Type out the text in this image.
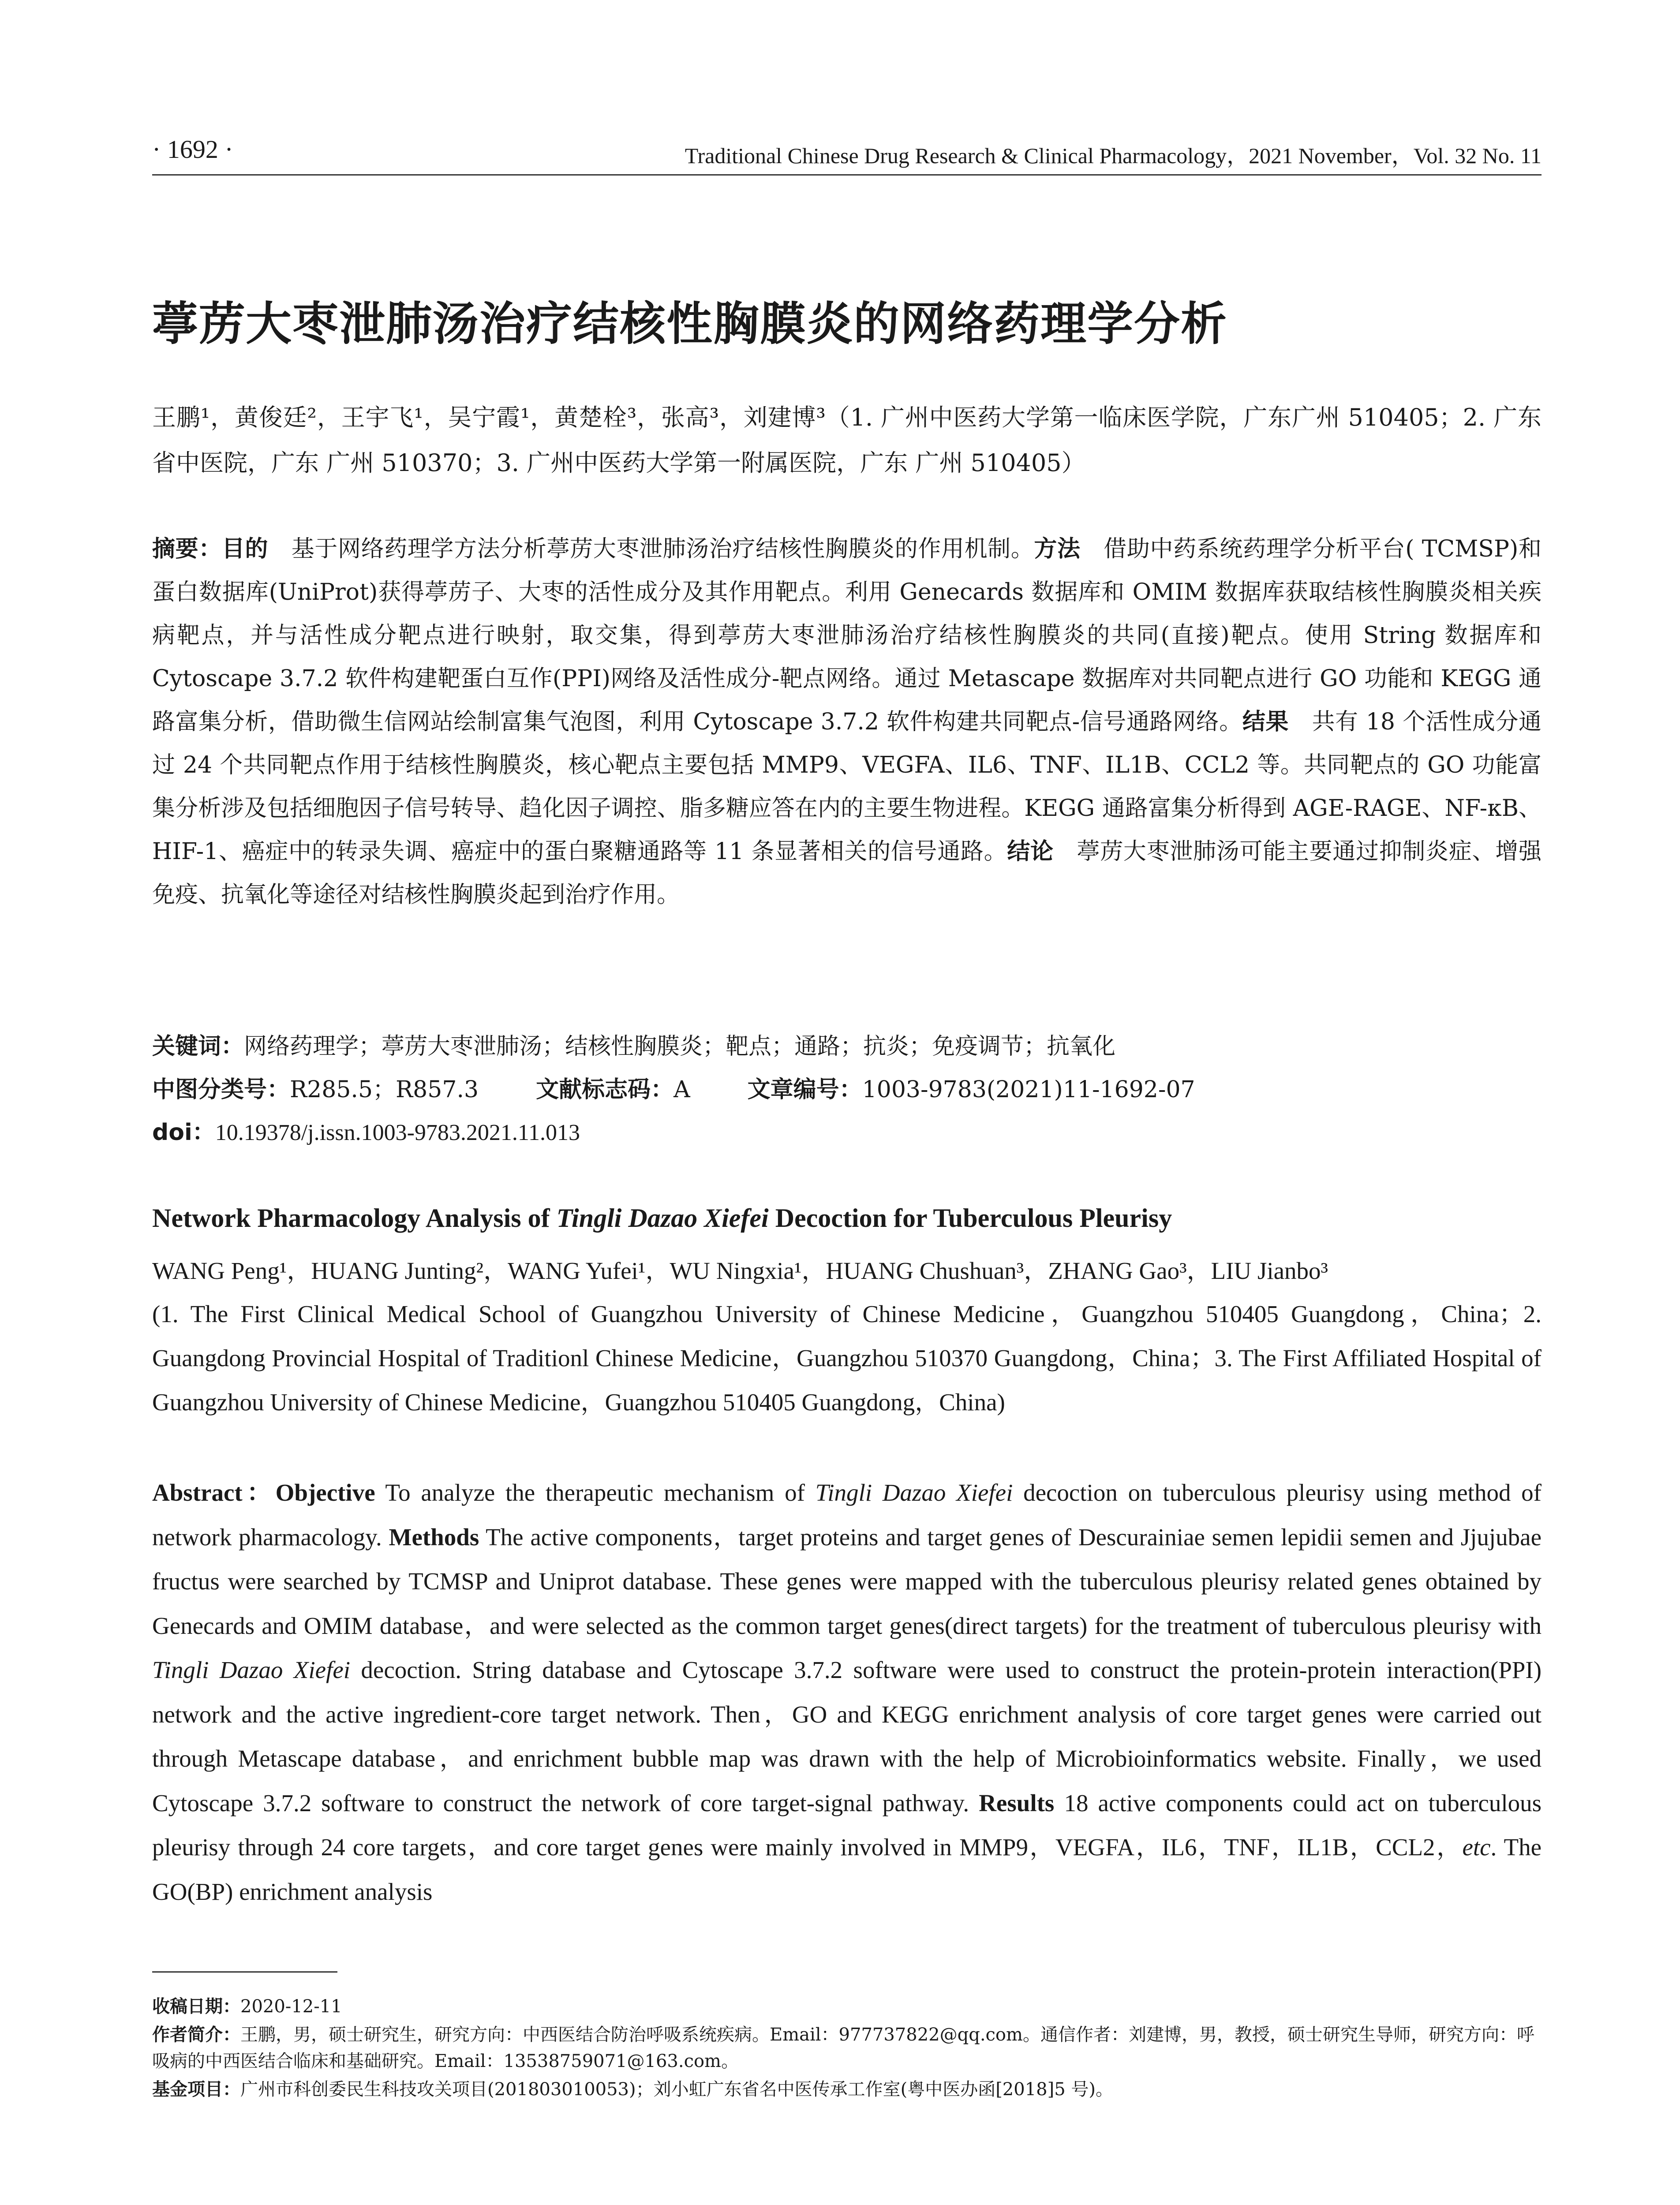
· 1692 ·	Traditional Chinese Drug Research & Clinical Pharmacology，2021 November，Vol. 32 No. 11
葶苈大枣泄肺汤治疗结核性胸膜炎的网络药理学分析
王鹏¹，黄俊廷²，王宇飞¹，吴宁霞¹，黄楚栓³，张高³，刘建博³（1. 广州中医药大学第一临床医学院，广东广州 510405；2. 广东省中医院，广东 广州 510370；3. 广州中医药大学第一附属医院，广东 广州 510405）
摘要：目的　 基于网络药理学方法分析葶苈大枣泄肺汤治疗结核性胸膜炎的作用机制。方法　 借助中药系统药理学分析平台( TCMSP)和蛋白数据库(UniProt)获得葶苈子、大枣的活性成分及其作用靶点。利用 Genecards 数据库和 OMIM 数据库获取结核性胸膜炎相关疾病靶点，并与活性成分靶点进行映射，取交集，得到葶苈大枣泄肺汤治疗结核性胸膜炎的共同(直接)靶点。使用 String 数据库和 Cytoscape 3.7.2 软件构建靶蛋白互作(PPI)网络及活性成分-靶点网络。通过 Metascape 数据库对共同靶点进行 GO 功能和 KEGG 通路富集分析，借助微生信网站绘制富集气泡图，利用 Cytoscape 3.7.2 软件构建共同靶点-信号通路网络。结果　 共有 18 个活性成分通过 24 个共同靶点作用于结核性胸膜炎，核心靶点主要包括 MMP9、VEGFA、IL6、TNF、IL1B、CCL2 等。共同靶点的 GO 功能富集分析涉及包括细胞因子信号转导、趋化因子调控、脂多糖应答在内的主要生物进程。KEGG 通路富集分析得到 AGE-RAGE、NF-κB、HIF-1、癌症中的转录失调、癌症中的蛋白聚糖通路等 11 条显著相关的信号通路。结论　 葶苈大枣泄肺汤可能主要通过抑制炎症、增强免疫、抗氧化等途径对结核性胸膜炎起到治疗作用。
关键词：网络药理学；葶苈大枣泄肺汤；结核性胸膜炎；靶点；通路；抗炎；免疫调节；抗氧化
中图分类号：R285.5；R857.3	文献标志码：A	文章编号：1003-9783(2021)11-1692-07
doi：10.19378/j.issn.1003-9783.2021.11.013
Network Pharmacology Analysis of Tingli Dazao Xiefei Decoction for Tuberculous Pleurisy
WANG Peng¹，HUANG Junting²，WANG Yufei¹，WU Ningxia¹，HUANG Chushuan³，ZHANG Gao³，LIU Jianbo³
(1. The First Clinical Medical School of Guangzhou University of Chinese Medicine，Guangzhou 510405 Guangdong，China；2. Guangdong Provincial Hospital of Traditionl Chinese Medicine，Guangzhou 510370 Guangdong，China；3. The First Affiliated Hospital of Guangzhou University of Chinese Medicine，Guangzhou 510405 Guangdong，China)
Abstract：Objective To analyze the therapeutic mechanism of Tingli Dazao Xiefei decoction on tuberculous pleurisy using method of network pharmacology. Methods The active components，target proteins and target genes of Descurainiae semen lepidii semen and Jjujubae fructus were searched by TCMSP and Uniprot database. These genes were mapped with the tuberculous pleurisy related genes obtained by Genecards and OMIM database，and were selected as the common target genes(direct targets) for the treatment of tuberculous pleurisy with Tingli Dazao Xiefei decoction. String database and Cytoscape 3.7.2 software were used to construct the protein-protein interaction(PPI) network and the active ingredient-core target network. Then，GO and KEGG enrichment analysis of core target genes were carried out through Metascape database，and enrichment bubble map was drawn with the help of Microbioinformatics website. Finally，we used Cytoscape 3.7.2 software to construct the network of core target-signal pathway. Results 18 active components could act on tuberculous pleurisy through 24 core targets，and core target genes were mainly involved in MMP9，VEGFA，IL6，TNF，IL1B，CCL2，etc. The GO(BP) enrichment analysis
收稿日期：2020-12-11
作者简介：王鹏，男，硕士研究生，研究方向：中西医结合防治呼吸系统疾病。Email：977737822@qq.com。通信作者：刘建博，男，教授，硕士研究生导师，研究方向：呼吸病的中西医结合临床和基础研究。Email：13538759071@163.com。
基金项目：广州市科创委民生科技攻关项目(201803010053)；刘小虹广东省名中医传承工作室(粤中医办函[2018]5 号)。
